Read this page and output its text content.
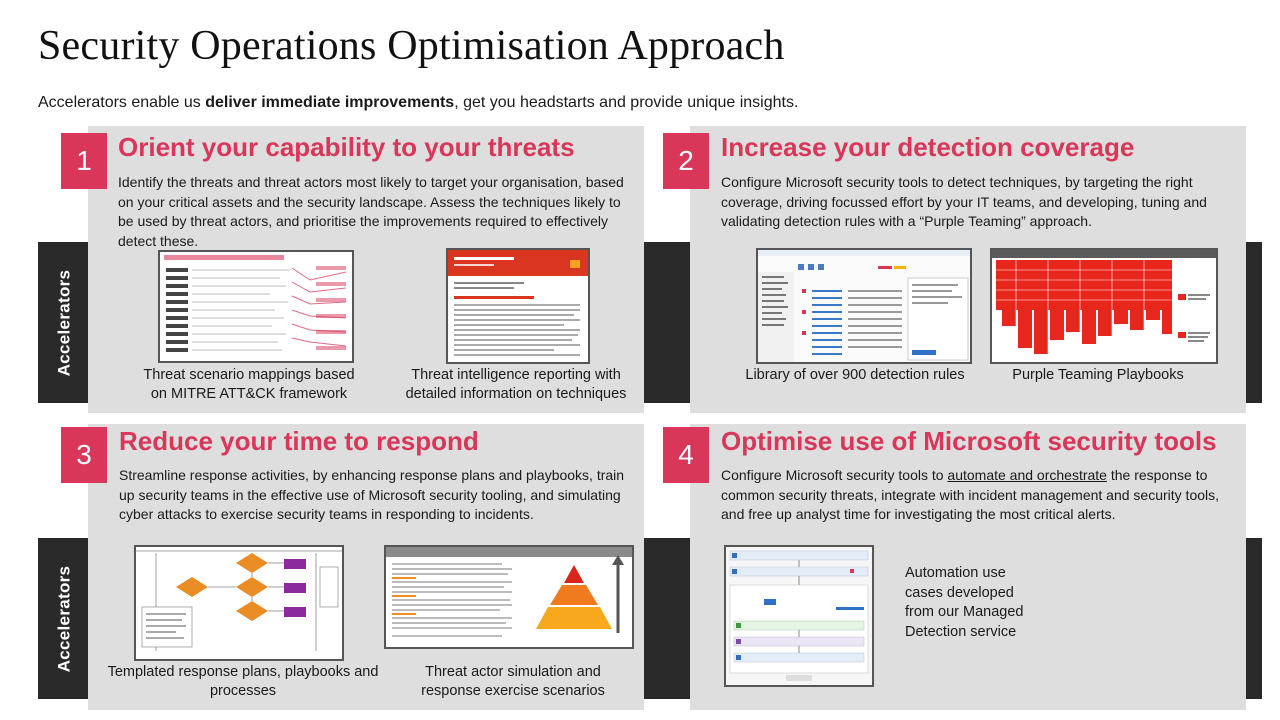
Security Operations Optimisation Approach

Accelerators enable us deliver immediate improvements, get you headstarts and provide unique insights.

Accelerators
Accelerators
1	Orient your capability to your threats
Identify the threats and threat actors most likely to target your organisation, based on your critical assets and the security landscape. Assess the techniques likely to be used by threat actors, and prioritise the improvements required to effectively detect these.
Threat scenario mappings based on MITRE ATT&CK framework
Threat intelligence reporting with detailed information on techniques
2	Increase your detection coverage
Configure Microsoft security tools to detect techniques, by targeting the right coverage, driving focussed effort by your IT teams, and developing, tuning and validating detection rules with a “Purple Teaming” approach.
Library of over 900 detection rules	Purple Teaming Playbooks
3	Reduce your time to respond
Streamline response activities, by enhancing response plans and playbooks, train up security teams in the effective use of Microsoft security tooling, and simulating cyber attacks to exercise security teams in responding to incidents.
Templated response plans, playbooks and processes
Threat actor simulation and response exercise scenarios
4	Optimise use of Microsoft security tools
Configure Microsoft security tools to automate and orchestrate the response to common security threats, integrate with incident management and security tools, and free up analyst time for investigating the most critical alerts.
Automation use cases developed from our Managed Detection service
